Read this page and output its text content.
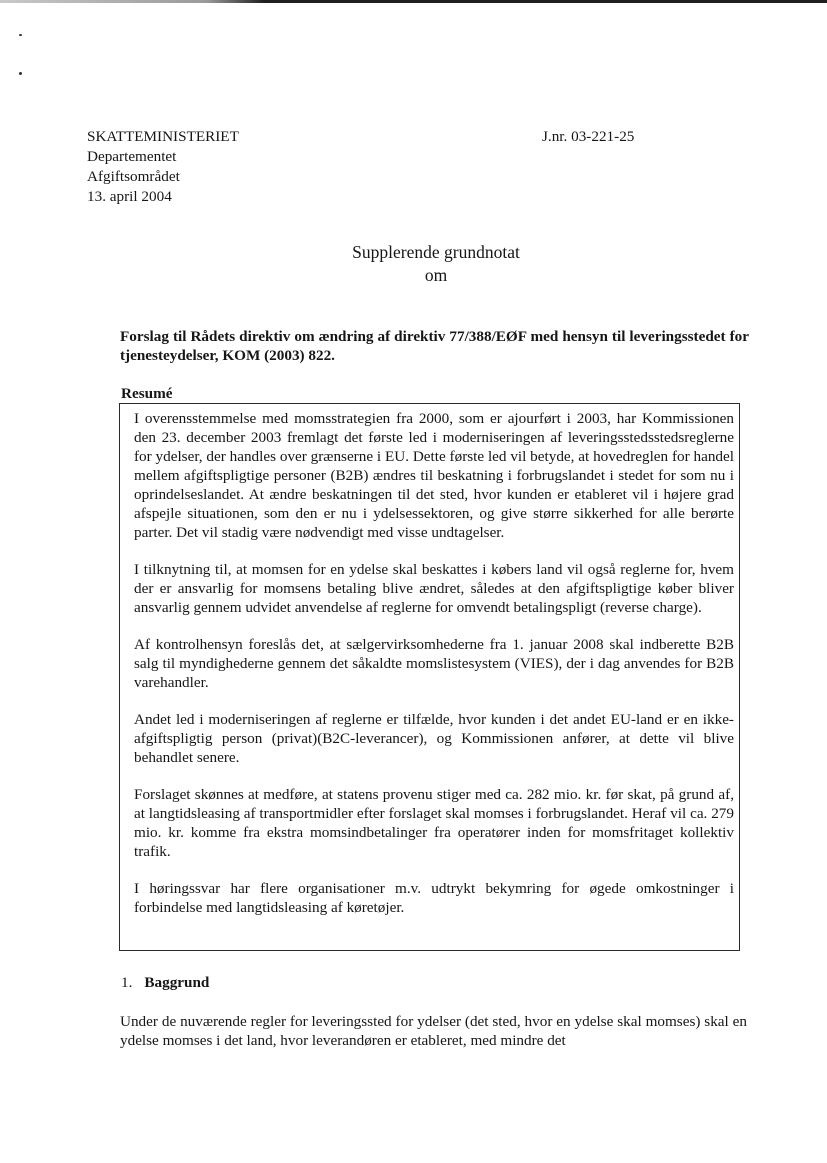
SKATTEMINISTERIET
Departementet
Afgiftsområdet
13. april 2004
J.nr. 03-221-25
Supplerende grundnotat
om
Forslag til Rådets direktiv om ændring af direktiv 77/388/EØF med hensyn til leveringsstedet for tjenesteydelser, KOM (2003) 822.
Resumé

I overensstemmelse med momsstrategien fra 2000, som er ajourført i 2003, har Kommissionen den 23. december 2003 fremlagt det første led i moderniseringen af leveringsstedsstedsreglerne for ydelser, der handles over grænserne i EU. Dette første led vil betyde, at hovedreglen for handel mellem afgiftspligtige personer (B2B) ændres til beskatning i forbrugslandet i stedet for som nu i oprindelseslandet. At ændre beskatningen til det sted, hvor kunden er etableret vil i højere grad afspejle situationen, som den er nu i ydelsessektoren, og give større sikkerhed for alle berørte parter. Det vil stadig være nødvendigt med visse undtagelser.

I tilknytning til, at momsen for en ydelse skal beskattes i købers land vil også reglerne for, hvem der er ansvarlig for momsens betaling blive ændret, således at den afgiftspligtige køber bliver ansvarlig gennem udvidet anvendelse af reglerne for omvendt betalingspligt (reverse charge).

Af kontrolhensyn foreslås det, at sælgervirksomhederne fra 1. januar 2008 skal indberette B2B salg til myndighederne gennem det såkaldte momslistesystem (VIES), der i dag anvendes for B2B varehandler.

Andet led i moderniseringen af reglerne er tilfælde, hvor kunden i det andet EU-land er en ikke-afgiftspligtig person (privat)(B2C-leverancer), og Kommissionen anfører, at dette vil blive behandlet senere.

Forslaget skønnes at medføre, at statens provenu stiger med ca. 282 mio. kr. før skat, på grund af, at langtidsleasing af transportmidler efter forslaget skal momses i forbrugslandet. Heraf vil ca. 279 mio. kr. komme fra ekstra momsindbetalinger fra operatører inden for momsfritaget kollektiv trafik.

I høringssvar har flere organisationer m.v. udtrykt bekymring for øgede omkostninger i forbindelse med langtidsleasing af køretøjer.

1. Baggrund
Under de nuværende regler for leveringssted for ydelser (det sted, hvor en ydelse skal momses) skal en ydelse momses i det land, hvor leverandøren er etableret, med mindre det
